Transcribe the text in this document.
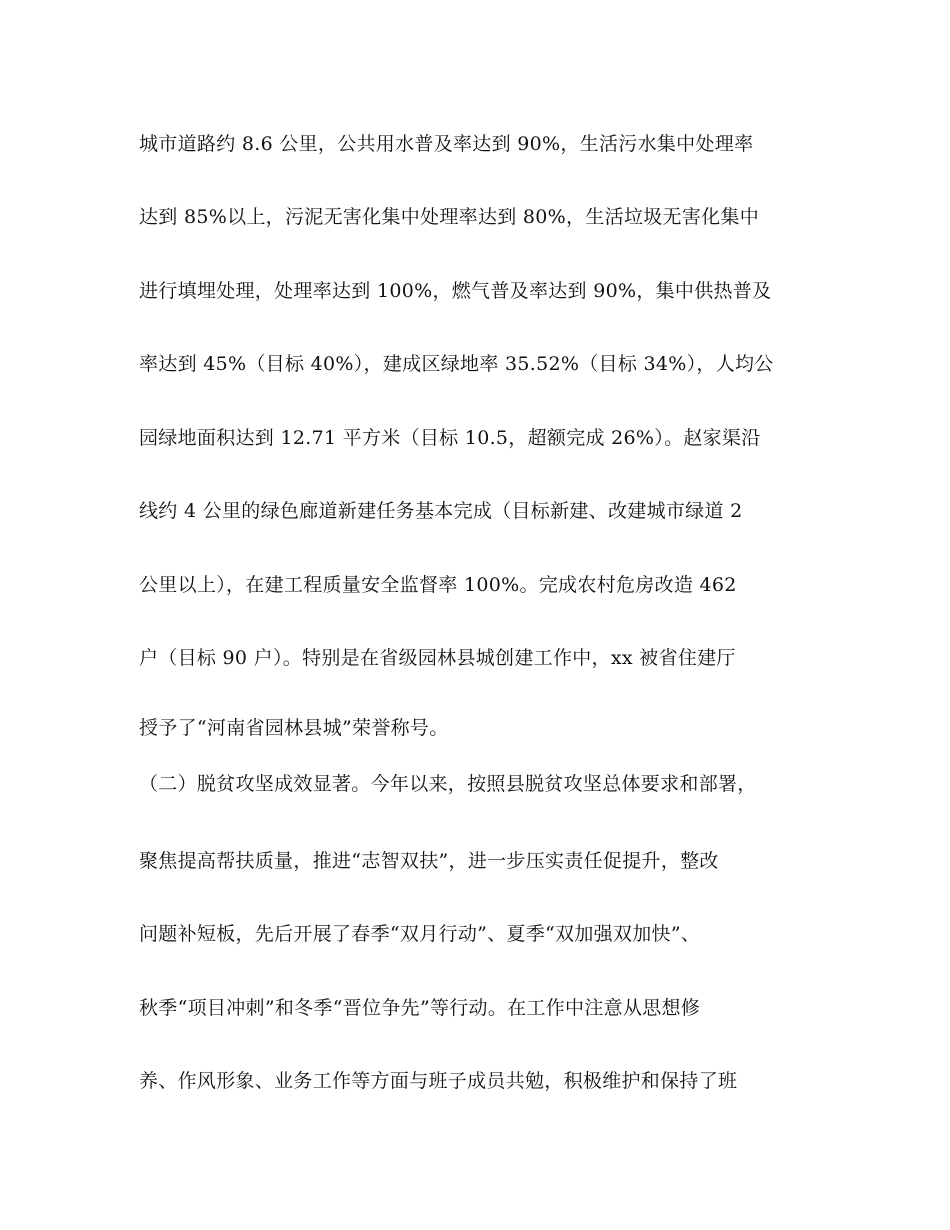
城市道路约 8.6 公里，公共用水普及率达到 90%，生活污水集中处理率
达到 85%以上，污泥无害化集中处理率达到 80%，生活垃圾无害化集中
进行填埋处理，处理率达到 100%，燃气普及率达到 90%，集中供热普及
率达到 45%（目标 40%），建成区绿地率 35.52%（目标 34%），人均公
园绿地面积达到 12.71 平方米（目标 10.5，超额完成 26%）。赵家渠沿
线约 4 公里的绿色廊道新建任务基本完成（目标新建、改建城市绿道 2
公里以上），在建工程质量安全监督率 100%。完成农村危房改造 462
户（目标 90 户）。特别是在省级园林县城创建工作中，xx 被省住建厅
授予了“河南省园林县城”荣誉称号。
（二）脱贫攻坚成效显著。今年以来，按照县脱贫攻坚总体要求和部署，
聚焦提高帮扶质量，推进“志智双扶”，进一步压实责任促提升，整改
问题补短板，先后开展了春季“双月行动”、夏季“双加强双加快”、
秋季“项目冲刺”和冬季“晋位争先”等行动。在工作中注意从思想修
养、作风形象、业务工作等方面与班子成员共勉，积极维护和保持了班
